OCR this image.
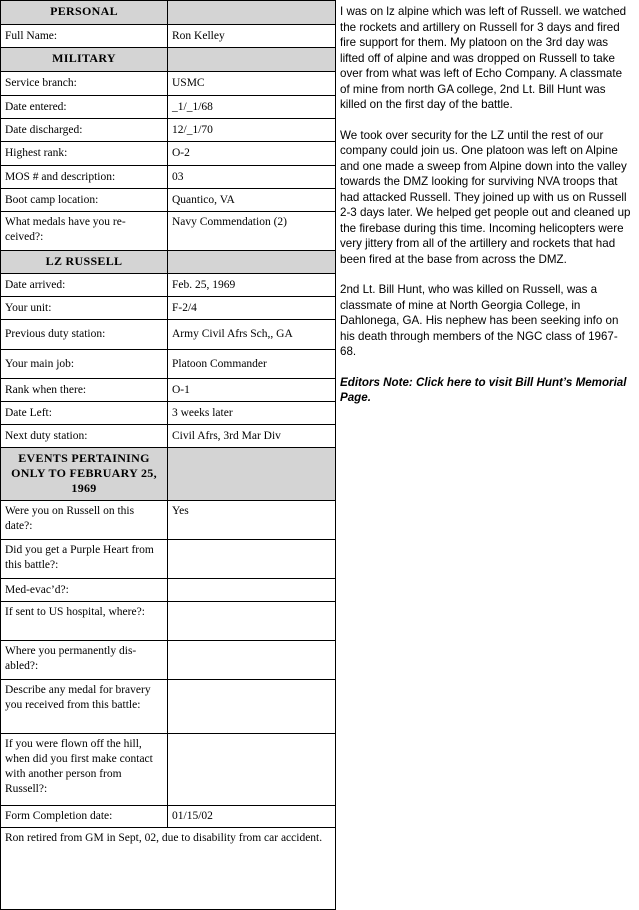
PERSONAL	
Full Name:	Ron Kelley
MILITARY	
Service branch:	USMC
Date entered:	_1/_1/68
Date discharged:	12/_1/70
Highest rank:	O-2
MOS # and description:	03
Boot camp location:	Quantico, VA
What medals have you re-ceived?:	Navy Commendation (2)
LZ RUSSELL	
Date arrived:	Feb. 25, 1969
Your unit:	F-2/4
Previous duty station:	Army Civil Afrs Sch,, GA
Your main job:	Platoon Commander
Rank when there:	O-1
Date Left:	3 weeks later
Next duty station:	Civil Afrs, 3rd Mar Div
EVENTS PERTAINING ONLY TO FEBRUARY 25, 1969	
Were you on Russell on this date?:	Yes
Did you get a Purple Heart from this battle?:	
Med-evac’d?:	
If sent to US hospital, where?:	
Where you permanently dis-abled?:	
Describe any medal for bravery you received from this battle:	
If you were flown off the hill, when did you first make contact with another person from Russell?:	
Form Completion date:	01/15/02
Ron retired from GM in Sept, 02, due to disability from car accident.	

I was on lz alpine which was left of Russell. we watched the rockets and artillery on Russell for 3 days and fired fire support for them. My platoon on the 3rd day was lifted off of alpine and was dropped on Russell to take over from what was left of Echo Company. A classmate of mine from north GA college, 2nd Lt. Bill Hunt was killed on the first day of the battle.

We took over security for the LZ until the rest of our company could join us. One platoon was left on Alpine and one made a sweep from Alpine down into the valley towards the DMZ looking for surviving NVA troops that had attacked Russell. They joined up with us on Russell 2-3 days later. We helped get people out and cleaned up the firebase during this time. Incoming helicopters were very jittery from all of the artillery and rockets that had been fired at the base from across the DMZ.

2nd Lt. Bill Hunt, who was killed on Russell, was a classmate of mine at North Georgia College, in Dahlonega, GA. His nephew has been seeking info on his death through members of the NGC class of 1967-68.

Editors Note: Click here to visit Bill Hunt’s Memorial Page.
